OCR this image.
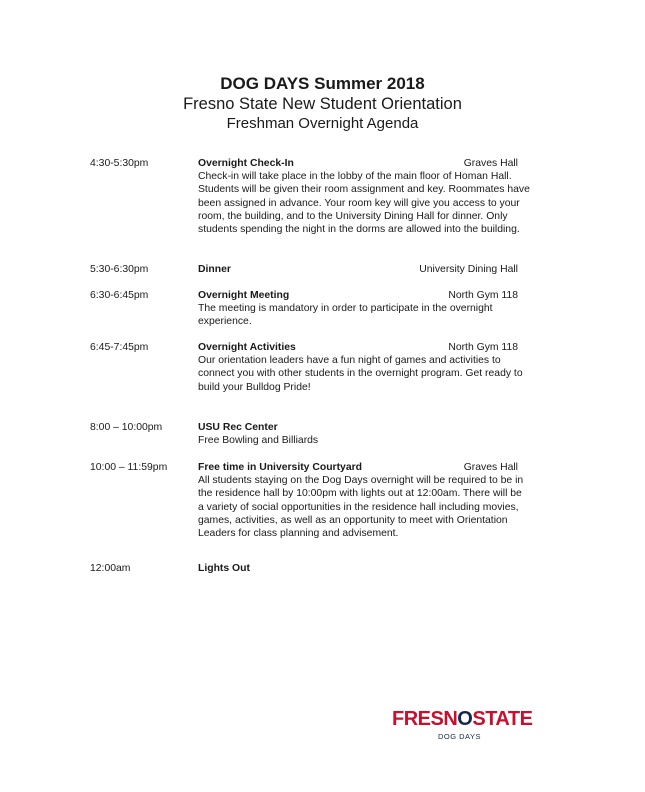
DOG DAYS Summer 2018
Fresno State New Student Orientation
Freshman Overnight Agenda
4:30-5:30pm	Overnight Check-In	Graves Hall
Check-in will take place in the lobby of the main floor of Homan Hall. Students will be given their room assignment and key. Roommates have been assigned in advance. Your room key will give you access to your room, the building, and to the University Dining Hall for dinner. Only students spending the night in the dorms are allowed into the building.
5:30-6:30pm	Dinner	University Dining Hall
6:30-6:45pm	Overnight Meeting	North Gym 118
The meeting is mandatory in order to participate in the overnight experience.
6:45-7:45pm	Overnight Activities	North Gym 118
Our orientation leaders have a fun night of games and activities to connect you with other students in the overnight program. Get ready to build your Bulldog Pride!
8:00 – 10:00pm	USU Rec Center
Free Bowling and Billiards
10:00 – 11:59pm	Free time in University Courtyard	Graves Hall
All students staying on the Dog Days overnight will be required to be in the residence hall by 10:00pm with lights out at 12:00am. There will be a variety of social opportunities in the residence hall including movies, games, activities, as well as an opportunity to meet with Orientation Leaders for class planning and advisement.
12:00am	Lights Out
FRESNOSTATE
DOG DAYS
